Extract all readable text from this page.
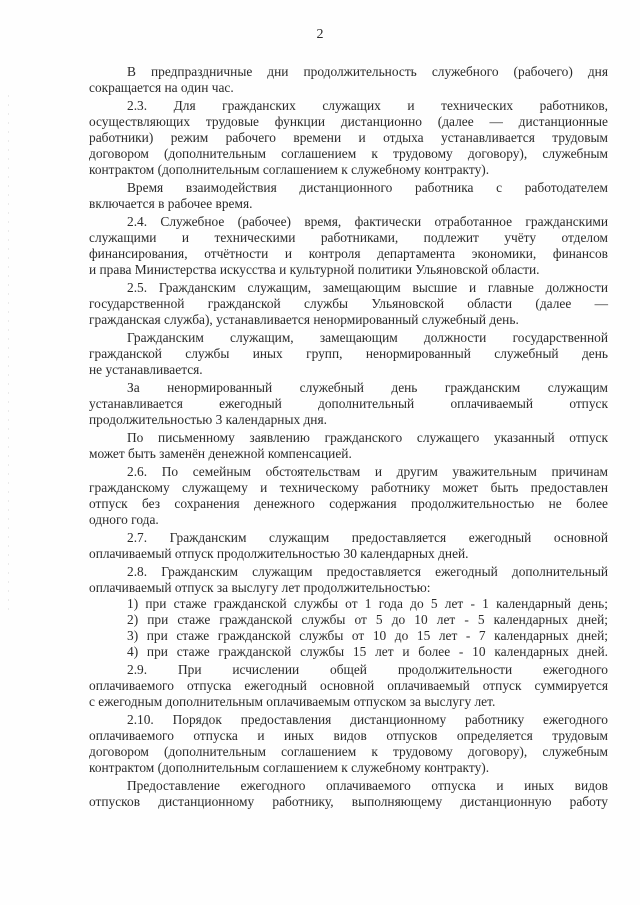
2

В предпраздничные дни продолжительность служебного (рабочего) дня

сокращается на один час.

2.3. Для гражданских служащих и технических работников,

осуществляющих трудовые функции дистанционно (далее — дистанционные

работники) режим рабочего времени и отдыха устанавливается трудовым

договором (дополнительным соглашением к трудовому договору), служебным

контрактом (дополнительным соглашением к служебному контракту).

Время взаимодействия дистанционного работника с работодателем

включается в рабочее время.

2.4. Служебное (рабочее) время, фактически отработанное гражданскими

служащими и техническими работниками, подлежит учёту отделом

финансирования, отчётности и контроля департамента экономики, финансов

и права Министерства искусства и культурной политики Ульяновской области.

2.5. Гражданским служащим, замещающим высшие и главные должности

государственной гражданской службы Ульяновской области (далее —

гражданская служба), устанавливается ненормированный служебный день.

Гражданским служащим, замещающим должности государственной

гражданской службы иных групп, ненормированный служебный день

не устанавливается.

За ненормированный служебный день гражданским служащим

устанавливается ежегодный дополнительный оплачиваемый отпуск

продолжительностью 3 календарных дня.

По письменному заявлению гражданского служащего указанный отпуск

может быть заменён денежной компенсацией.

2.6. По семейным обстоятельствам и другим уважительным причинам

гражданскому служащему и техническому работнику может быть предоставлен

отпуск без сохранения денежного содержания продолжительностью не более

одного года.

2.7. Гражданским служащим предоставляется ежегодный основной

оплачиваемый отпуск продолжительностью 30 календарных дней.

2.8. Гражданским служащим предоставляется ежегодный дополнительный

оплачиваемый отпуск за выслугу лет продолжительностью:

1) при стаже гражданской службы от 1 года до 5 лет - 1 календарный день;

2) при стаже гражданской службы от 5 до 10 лет - 5 календарных дней;

3) при стаже гражданской службы от 10 до 15 лет - 7 календарных дней;

4) при стаже гражданской службы 15 лет и более - 10 календарных дней.

2.9. При исчислении общей продолжительности ежегодного

оплачиваемого отпуска ежегодный основной оплачиваемый отпуск суммируется

с ежегодным дополнительным оплачиваемым отпуском за выслугу лет.

2.10. Порядок предоставления дистанционному работнику ежегодного

оплачиваемого отпуска и иных видов отпусков определяется трудовым

договором (дополнительным соглашением к трудовому договору), служебным

контрактом (дополнительным соглашением к служебному контракту).

Предоставление ежегодного оплачиваемого отпуска и иных видов

отпусков дистанционному работнику, выполняющему дистанционную работу
